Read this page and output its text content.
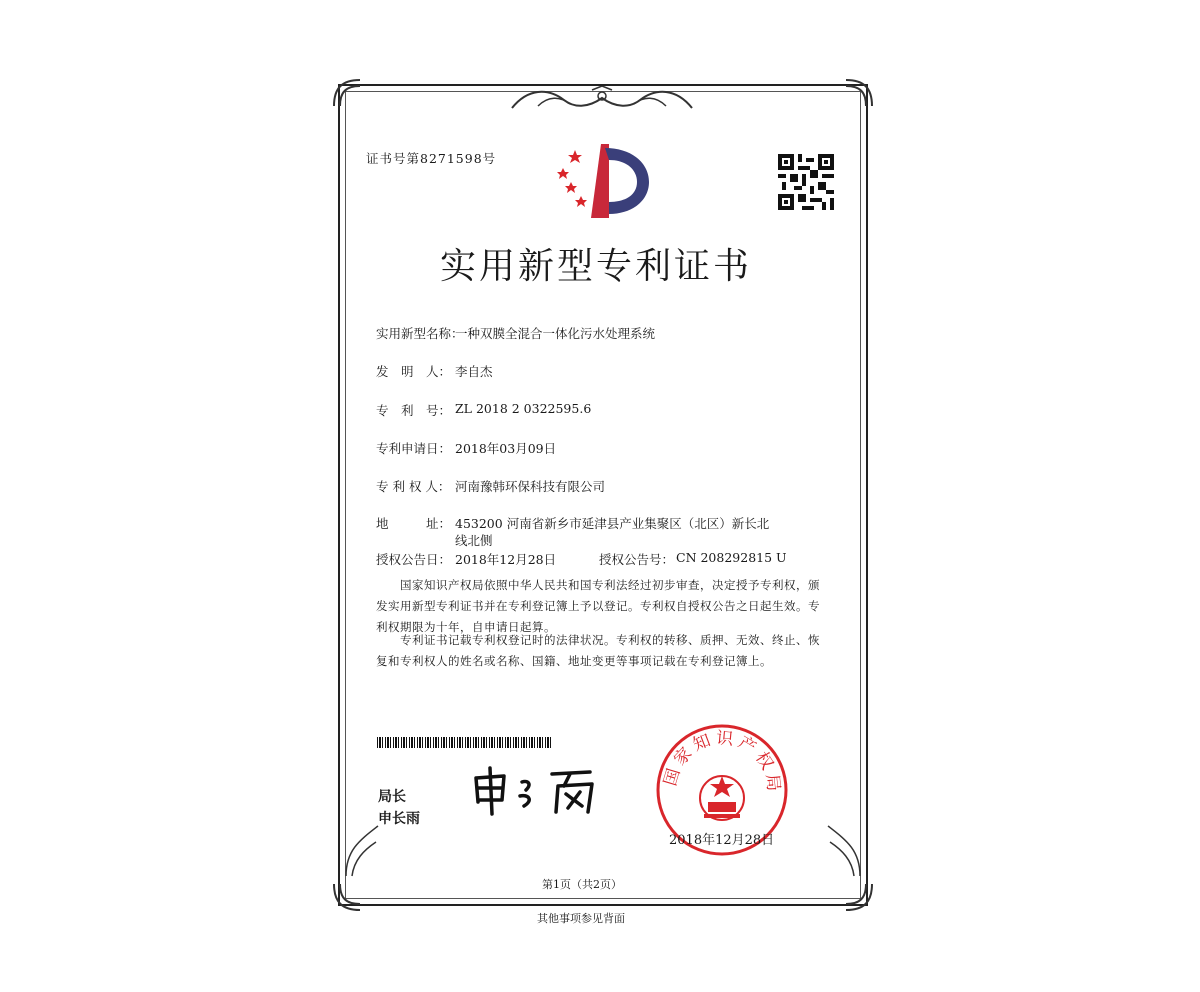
证书号第8271598号
实用新型专利证书
实用新型名称：
一种双膜全混合一体化污水处理系统
发　明　人： 李自杰
专　利　号： ZL 2018 2 0322595.6
专利申请日： 2018年03月09日
专 利 权 人： 河南豫韩环保科技有限公司
地　　　址： 453200 河南省新乡市延津县产业集聚区（北区）新长北
线北侧
授权公告日： 2018年12月28日	授权公告号： CN 208292815 U
国家知识产权局依照中华人民共和国专利法经过初步审查，决定授予专利权，颁发实用新型专利证书并在专利登记簿上予以登记。专利权自授权公告之日起生效。专利权期限为十年，自申请日起算。
专利证书记载专利权登记时的法律状况。专利权的转移、质押、无效、终止、恢复和专利权人的姓名或名称、国籍、地址变更等事项记载在专利登记簿上。
局长
申长雨
国家知识产权局
2018年12月28日
第1页（共2页）
其他事项参见背面
